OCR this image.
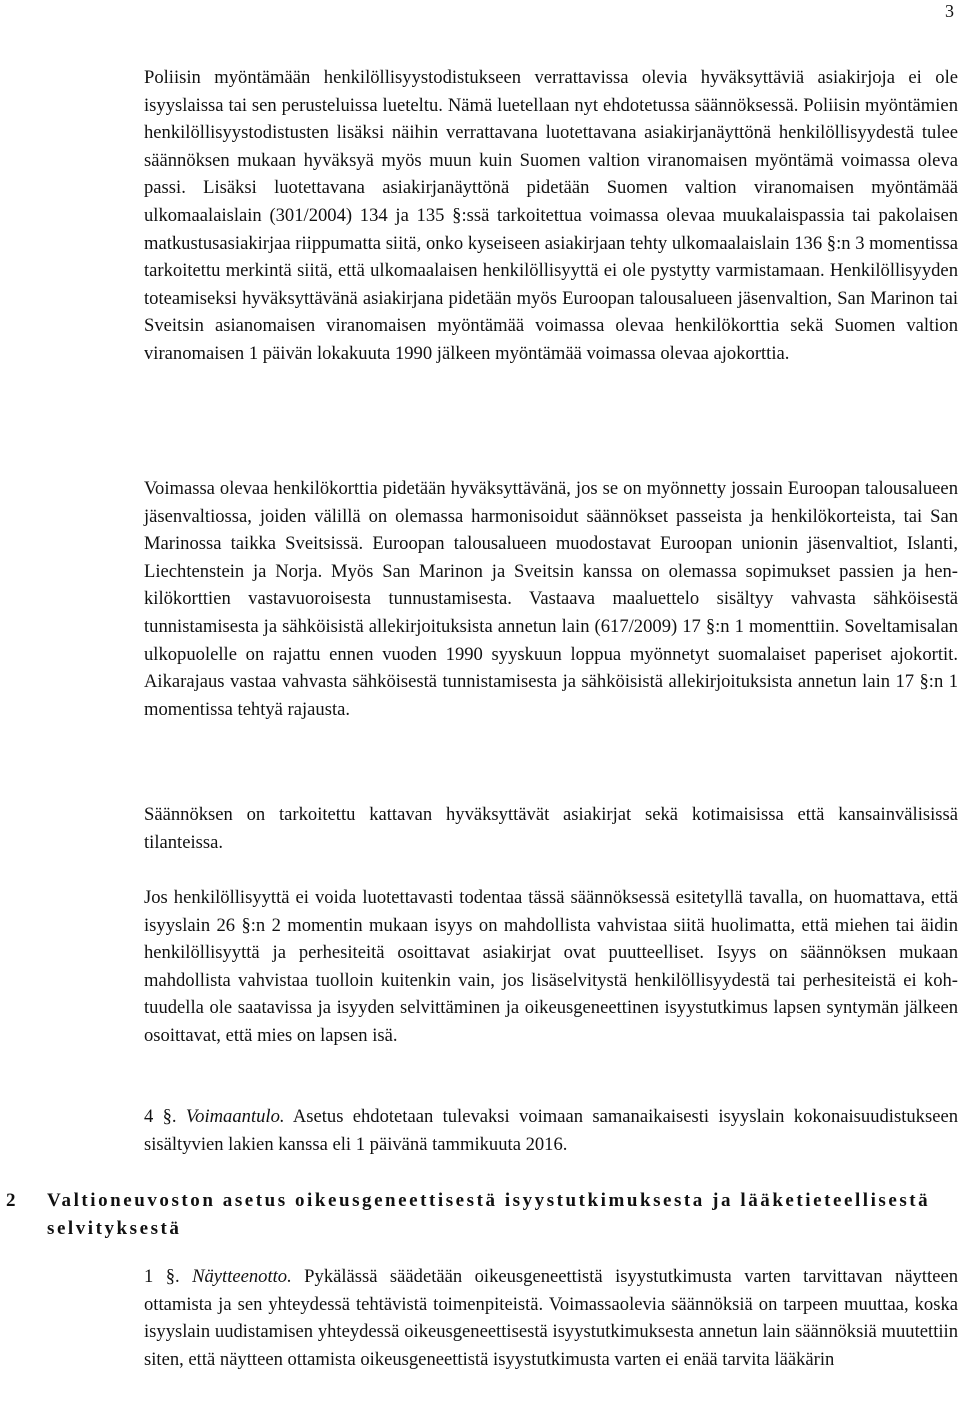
3

Poliisin myöntämään henkilöllisyystodistukseen verrattavissa olevia hyväksyttäviä asiakirjoja ei ole isyyslaissa tai sen perusteluissa lueteltu. Nämä luetellaan nyt ehdotetussa säännöksessä. Poliisin myöntämien henkilöllisyystodistusten lisäksi näihin verrattavana luotettavana asiakirjanäyttönä henkilöllisyydestä tulee säännöksen mukaan hyväksyä myös muun kuin Suomen valtion viranomaisen myöntämä voimassa oleva passi. Lisäksi luotettavana asiakirjanäyttönä pidetään Suomen valtion viranomaisen myöntämää ulkomaalaislain (301/2004) 134 ja 135 §:ssä tarkoitettua voimassa olevaa muukalaispassia tai pakolaisen matkustusasiakirjaa riippumatta siitä, onko kyseiseen asiakirjaan tehty ulkomaalaislain 136 §:n 3 momentissa tarkoitettu merkintä siitä, että ulkomaalaisen henkilöllisyyttä ei ole pystytty varmistamaan. Henkilöllisyyden toteamiseksi hyväksyttävänä asiakirjana pidetään myös Euroopan talousalueen jäsenvaltion, San Marinon tai Sveitsin asianomaisen viranomaisen myöntämää voimassa olevaa henkilökorttia sekä Suomen valtion viranomaisen 1 päivän lokakuuta 1990 jälkeen myöntämää voimassa olevaa ajokorttia.

Voimassa olevaa henkilökorttia pidetään hyväksyttävänä, jos se on myönnetty jossain Euroopan talousalueen jäsenvaltiossa, joiden välillä on olemassa harmonisoidut säännökset passeista ja henkilökorteista, tai San Marinossa taikka Sveitsissä. Euroopan talousalueen muodostavat Euroopan unionin jäsenvaltiot, Islanti, Liechtenstein ja Norja. Myös San Marinon ja Sveitsin kanssa on olemassa sopimukset passien ja henkilökorttien vastavuoroisesta tunnustamisesta. Vastaava maaluettelo sisältyy vahvasta sähköisestä tunnistamisesta ja sähköisistä allekirjoituksista annetun lain (617/2009) 17 §:n 1 momenttiin. Soveltamisalan ulkopuolelle on rajattu ennen vuoden 1990 syyskuun loppua myönnetyt suomalaiset paperiset ajokortit. Aikarajaus vastaa vahvasta sähköisestä tunnistamisesta ja sähköisistä allekirjoituksista annetun lain 17 §:n 1 momentissa tehtyä rajausta.

Säännöksen on tarkoitettu kattavan hyväksyttävät asiakirjat sekä kotimaisissa että kansainvälisissä tilanteissa.

Jos henkilöllisyyttä ei voida luotettavasti todentaa tässä säännöksessä esitetyllä tavalla, on huomattava, että isyyslain 26 §:n 2 momentin mukaan isyys on mahdollista vahvistaa siitä huolimatta, että miehen tai äidin henkilöllisyyttä ja perhesiteitä osoittavat asiakirjat ovat puutteelliset. Isyys on säännöksen mukaan mahdollista vahvistaa tuolloin kuitenkin vain, jos lisäselvitystä henkilöllisyydestä tai perhesiteistä ei kohtuudella ole saatavissa ja isyyden selvittäminen ja oikeusgeneettinen isyystutkimus lapsen syntymän jälkeen osoittavat, että mies on lapsen isä.

4 §. Voimaantulo. Asetus ehdotetaan tulevaksi voimaan samanaikaisesti isyyslain kokonaisuudistukseen sisältyvien lakien kanssa eli 1 päivänä tammikuuta 2016.

2 Valtioneuvoston asetus oikeusgeneettisestä isyystutkimuksesta ja lääketieteellisestä selvityksestä

1 §. Näytteenotto. Pykälässä säädetään oikeusgeneettistä isyystutkimusta varten tarvittavan näytteen ottamista ja sen yhteydessä tehtävistä toimenpiteistä. Voimassaolevia säännöksiä on tarpeen muuttaa, koska isyyslain uudistamisen yhteydessä oikeusgeneettisestä isyystutkimuksesta annetun lain säännöksiä muutettiin siten, että näytteen ottamista oikeusgeneettistä isyystutkimusta varten ei enää tarvita lääkärin
